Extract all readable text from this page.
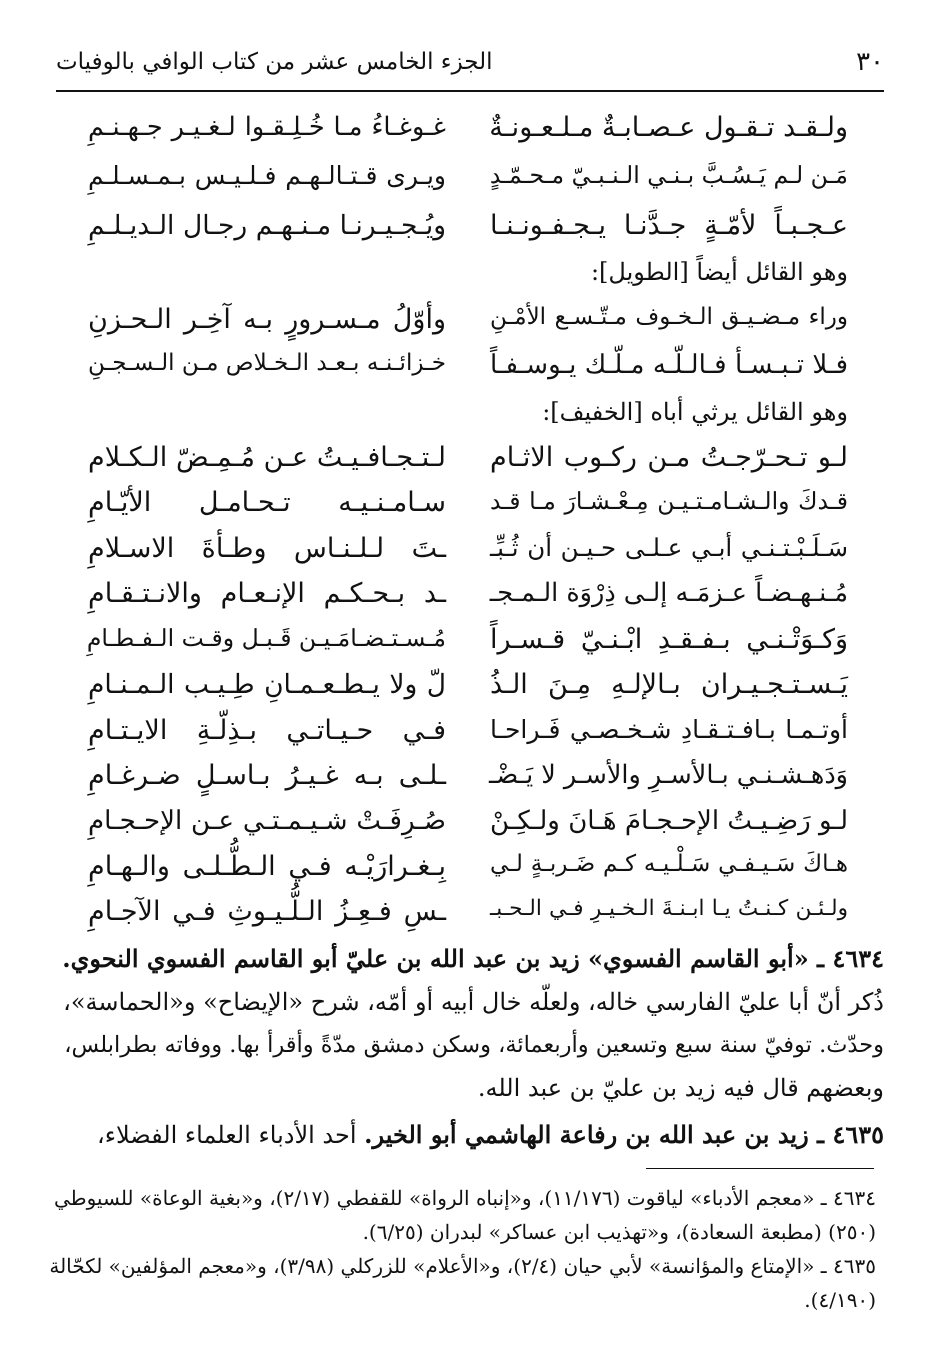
٣٠
الجزء الخامس عشر من كتاب الوافي بالوفيات
ولـقـد تـقـول عـصـابـةٌ مـلـعـونـةٌ
غـوغـاءُ مـا خُـلِـقـوا لـغـيـر جـهـنـمِ
مَـن لـم يَـسُـبَّ بـنـي الـنـبـيّ مـحـمّـدٍ
ويـرى قـتـالـهـم فـلـيـس بـمـسـلـمِ
عـجـبـاً لأمّـةٍ جـدَّنـا يـجـفـونـنـا
ويُـجـيـرنـا مـنـهـم رجـال الـديـلـمِ
وهو القائل أيضاً [الطويل]:
وراء مـضـيـق الـخـوف مـتّـسـع الأمْـنِ
وأوّلُ مـسـرورٍ بـه آخِـر الـحـزنِ
فـلا تـبـسـأ فـالـلّـه مـلّـك يـوسـفـاً
خـزائـنـه بـعـد الـخـلاص مـن الـسـجـنِ
وهو القائل يرثي أباه [الخفيف]:
لـو تـحـرّجـتُ مـن ركـوب الاثـام
لـتـجـافـيـتُ عـن مُـمِـضّ الـكـلام
قـدكَ والـشـامـتـيـن مِـعْـشـارَ مـا قـد
سـامـنـيـه تـحـامـل الأيّـامِ
سَـلَـبْـتـنـي أبـي عـلـى حـيـن أن ثُـبِّـ
ـتَ لـلـنـاس وطـأةَ الاسـلامِ
مُـنـهـضـاً عـزمَـه إلـى ذِرْوَة الـمـجـ
ـد بـحـكـم الإنـعـام والانـتـقـامِ
وَكـوَتْـنـي بـفـقـدِ ابْـنـيّ قـسـراً
مُـسـتـضـامَـيـن قَـبـل وقـت الـفـطـامِ
يَـسـتـجـيـران بـالإلـهِ مِـنَ الـذُ
لّ ولا يـطـعـمـانِ طِـيـب الـمـنـامِ
أوتـمـا بـافـتـقـادِ شـخـصـي فَـراحـا
فـي حـيـاتـي بـذِلّـةِ الايـتـامِ
وَدَهـشـنـي بـالأسـرِ والأسـر لا يَـضْـ
ـلـى بـه غـيـرُ بـاسـلٍ ضـرغـامِ
لـو رَضِـيـتُ الإحـجـامَ هَـانَ ولـكِـنْ
صُـرِفَـتْ شـيـمـتـي عـن الإحـجـامِ
هـاكَ سَـيـفـي سَـلْـيـه كـم ضَـربـةٍ لـي
بِـغـرارَيْـه فـي الـطُّـلـى والـهـامِ
ولـئـن كـنـتُ يـا ابـنـةَ الـخـيـرِ فـي الـحـبـ
ـسِ فـعِـزُ الـلُّـيـوثِ فـي الآجـامِ
٤٦٣٤ ـ «أبو القاسم الفسوي» زيد بن عبد الله بن عليّ أبو القاسم الفسوي النحوي.
ذُكر أنّ أبا عليّ الفارسي خاله، ولعلّه خال أبيه أو أمّه، شرح «الإيضاح» و«الحماسة»،
وحدّث. توفيّ سنة سبع وتسعين وأربعمائة، وسكن دمشق مدّةً وأقرأ بها. ووفاته بطرابلس،
وبعضهم قال فيه زيد بن عليّ بن عبد الله.
٤٦٣٥ ـ زيد بن عبد الله بن رفاعة الهاشمي أبو الخير. أحد الأدباء العلماء الفضلاء،
٤٦٣٤ ـ «معجم الأدباء» لياقوت (١١/١٧٦)، و«إنباه الرواة» للقفطي (٢/١٧)، و«بغية الوعاة» للسيوطي
(٢٥٠) (مطبعة السعادة)، و«تهذيب ابن عساكر» لبدران (٦/٢٥).
٤٦٣٥ ـ «الإمتاع والمؤانسة» لأبي حيان (٢/٤)، و«الأعلام» للزركلي (٣/٩٨)، و«معجم المؤلفين» لكحّالة
(٤/١٩٠).
